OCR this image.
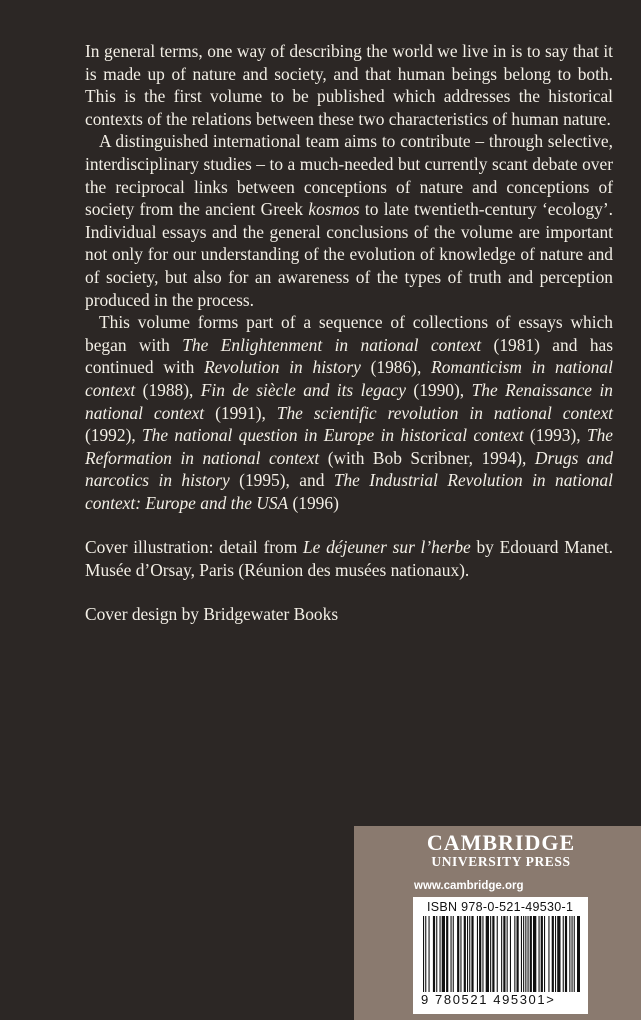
In general terms, one way of describing the world we live in is to say that it is made up of nature and society, and that human beings belong to both. This is the first volume to be published which addresses the historical contexts of the relations between these two characteristics of human nature.

A distinguished international team aims to contribute – through selective, interdisciplinary studies – to a much-needed but currently scant debate over the reciprocal links between conceptions of nature and conceptions of society from the ancient Greek kosmos to late twentieth-century ‘ecology’. Individual essays and the general conclusions of the volume are important not only for our understanding of the evolution of knowledge of nature and of society, but also for an awareness of the types of truth and perception produced in the process.

This volume forms part of a sequence of collections of essays which began with The Enlightenment in national context (1981) and has continued with Revolution in history (1986), Romanticism in national context (1988), Fin de siècle and its legacy (1990), The Renaissance in national context (1991), The scientific revolution in national context (1992), The national question in Europe in historical context (1993), The Reformation in national context (with Bob Scribner, 1994), Drugs and narcotics in history (1995), and The Industrial Revolution in national context: Europe and the USA (1996)

Cover illustration: detail from Le déjeuner sur l’herbe by Edouard Manet. Musée d’Orsay, Paris (Réunion des musées nationaux).

Cover design by Bridgewater Books

CAMBRIDGE
UNIVERSITY PRESS
www.cambridge.org
ISBN 978-0-521-49530-1
9 780521 495301>
